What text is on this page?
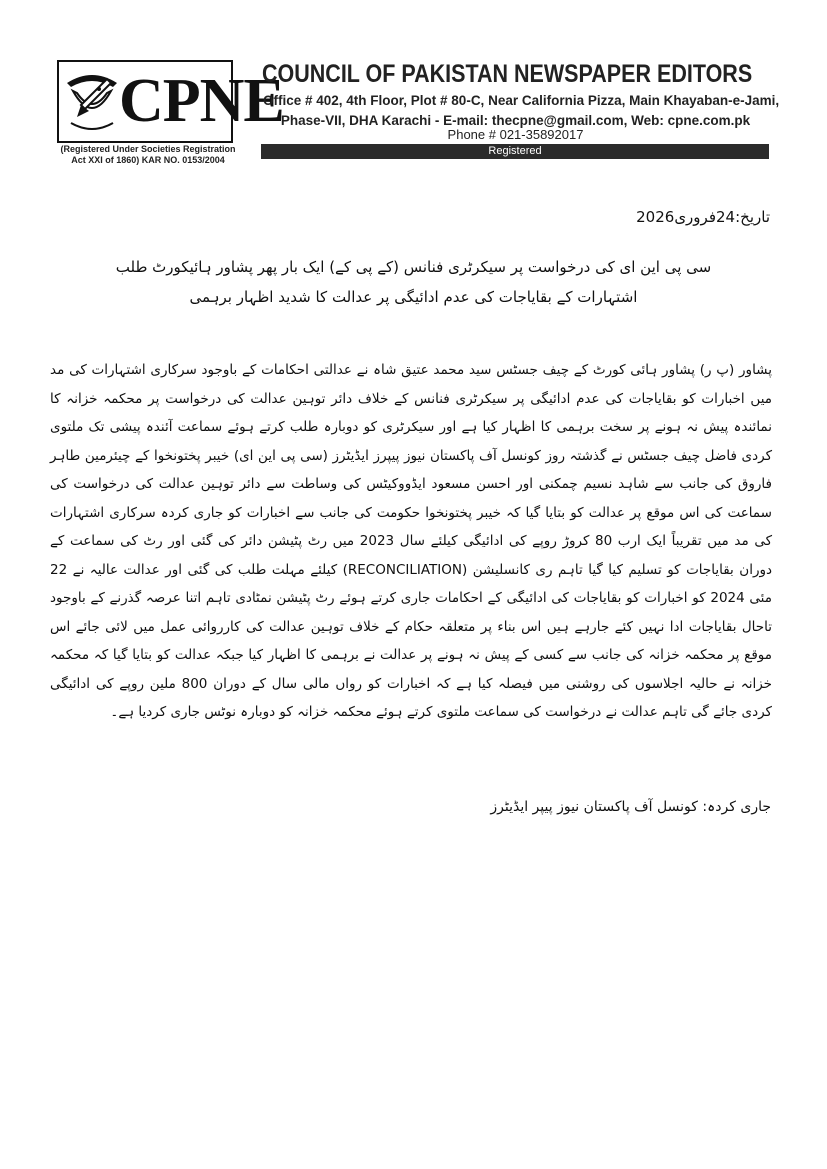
CPNE
(Registered Under Societies Registration
Act XXI of 1860) KAR NO. 0153/2004
COUNCIL OF PAKISTAN NEWSPAPER EDITORS
Office # 402, 4th Floor, Plot # 80-C, Near California Pizza, Main Khayaban-e-Jami,
Phase-VII, DHA Karachi - E-mail: thecpne@gmail.com, Web: cpne.com.pk
Phone # 021-35892017
Registered
تاریخ:24فروری2026
سی پی این ای کی درخواست پر سیکرٹری فنانس (کے پی کے) ایک بار پھر پشاور ہائیکورٹ طلب
اشتہارات کے بقایاجات کی عدم ادائیگی پر عدالت کا شدید اظہار برہمی
پشاور (پ ر) پشاور ہائی کورٹ کے چیف جسٹس سید محمد عتیق شاہ نے عدالتی احکامات کے باوجود سرکاری اشتہارات کی مد میں اخبارات کو بقایاجات کی عدم ادائیگی پر سیکرٹری فنانس کے خلاف دائر توہین عدالت کی درخواست پر محکمہ خزانہ کا نمائندہ پیش نہ ہونے پر سخت برہمی کا اظہار کیا ہے اور سیکرٹری کو دوبارہ طلب کرتے ہوئے سماعت آئندہ پیشی تک ملتوی کردی فاضل چیف جسٹس نے گذشتہ روز کونسل آف پاکستان نیوز پیپرز ایڈیٹرز (سی پی این ای) خیبر پختونخوا کے چیئرمین طاہر فاروق کی جانب سے شاہد نسیم چمکنی اور احسن مسعود ایڈووکیٹس کی وساطت سے دائر توہین عدالت کی درخواست کی سماعت کی اس موقع پر عدالت کو بتایا گیا کہ خیبر پختونخوا حکومت کی جانب سے اخبارات کو جاری کردہ سرکاری اشتہارات کی مد میں تقریباً ایک ارب 80 کروڑ روپے کی ادائیگی کیلئے سال 2023 میں رٹ پٹیشن دائر کی گئی اور رٹ کی سماعت کے دوران بقایاجات کو تسلیم کیا گیا تاہم ری کانسلیشن (RECONCILIATION) کیلئے مہلت طلب کی گئی اور عدالت عالیہ نے 22 مئی 2024 کو اخبارات کو بقایاجات کی ادائیگی کے احکامات جاری کرتے ہوئے رٹ پٹیشن نمٹادی تاہم اتنا عرصہ گذرنے کے باوجود تاحال بقایاجات ادا نہیں کئے جارہے ہیں اس بناء پر متعلقہ حکام کے خلاف توہین عدالت کی کارروائی عمل میں لائی جائے اس موقع پر محکمہ خزانہ کی جانب سے کسی کے پیش نہ ہونے پر عدالت نے برہمی کا اظہار کیا جبکہ عدالت کو بتایا گیا کہ محکمہ خزانہ نے حالیہ اجلاسوں کی روشنی میں فیصلہ کیا ہے کہ اخبارات کو رواں مالی سال کے دوران 800 ملین روپے کی ادائیگی کردی جائے گی تاہم عدالت نے درخواست کی سماعت ملتوی کرتے ہوئے محکمہ خزانہ کو دوبارہ نوٹس جاری کردیا ہے۔
جاری کردہ: کونسل آف پاکستان نیوز پیپر ایڈیٹرز
